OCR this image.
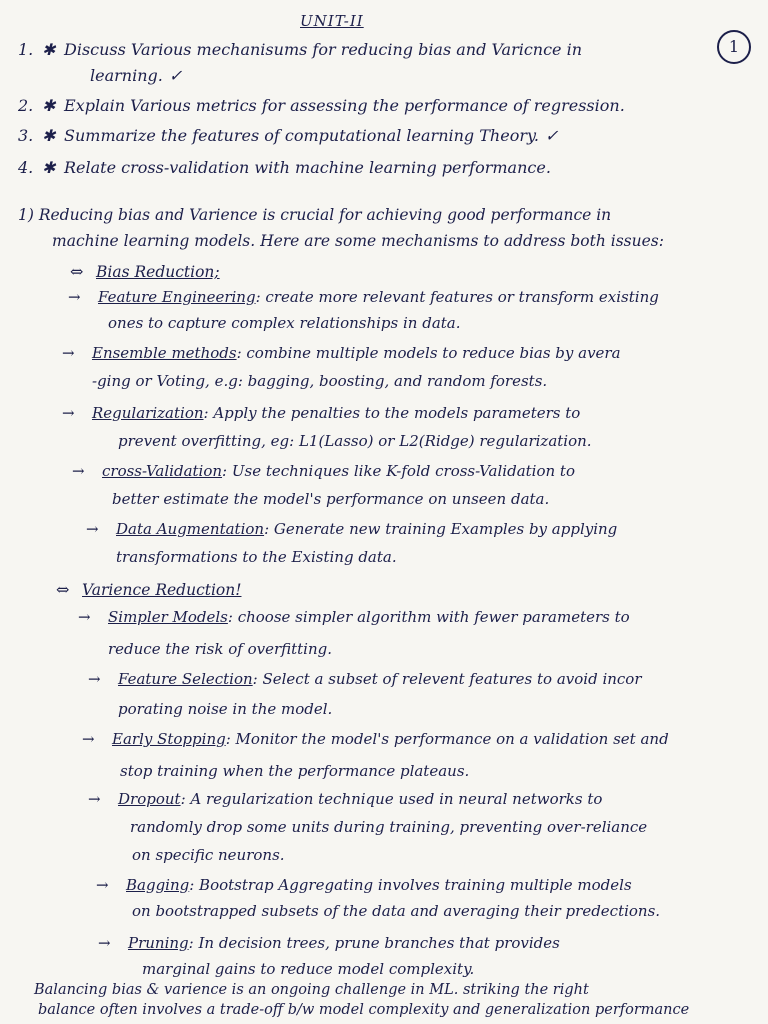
UNIT-II
1
1. ✱ Discuss Various mechanisums for reducing bias and Varicnce in
learning. ✓
2. ✱ Explain Various metrics for assessing the performance of regression.
3. ✱ Summarize the features of computational learning Theory. ✓
4. ✱ Relate cross-validation with machine learning performance.
1) Reducing bias and Varience is crucial for achieving good performance in
machine learning models. Here are some mechanisms to address both issues:
⇔ Bias Reduction;
→ Feature Engineering: create more relevant features or transform existing
ones to capture complex relationships in data.
→ Ensemble methods: combine multiple models to reduce bias by avera
-ging or Voting, e.g: bagging, boosting, and random forests.
→ Regularization: Apply the penalties to the models parameters to
prevent overfitting, eg: L1(Lasso) or L2(Ridge) regularization.
→ cross-Validation: Use techniques like K-fold cross-Validation to
better estimate the model's performance on unseen data.
→ Data Augmentation: Generate new training Examples by applying
transformations to the Existing data.
⇔ Varience Reduction!
→ Simpler Models: choose simpler algorithm with fewer parameters to
reduce the risk of overfitting.
→ Feature Selection: Select a subset of relevent features to avoid incor
porating noise in the model.
→ Early Stopping: Monitor the model's performance on a validation set and
stop training when the performance plateaus.
→ Dropout: A regularization technique used in neural networks to
randomly drop some units during training, preventing over-reliance
on specific neurons.
→ Bagging: Bootstrap Aggregating involves training multiple models
on bootstrapped subsets of the data and averaging their predections.
→ Pruning: In decision trees, prune branches that provides
marginal gains to reduce model complexity.
Balancing bias & varience is an ongoing challenge in ML. striking the right
balance often involves a trade-off b/w model complexity and generalization performance
